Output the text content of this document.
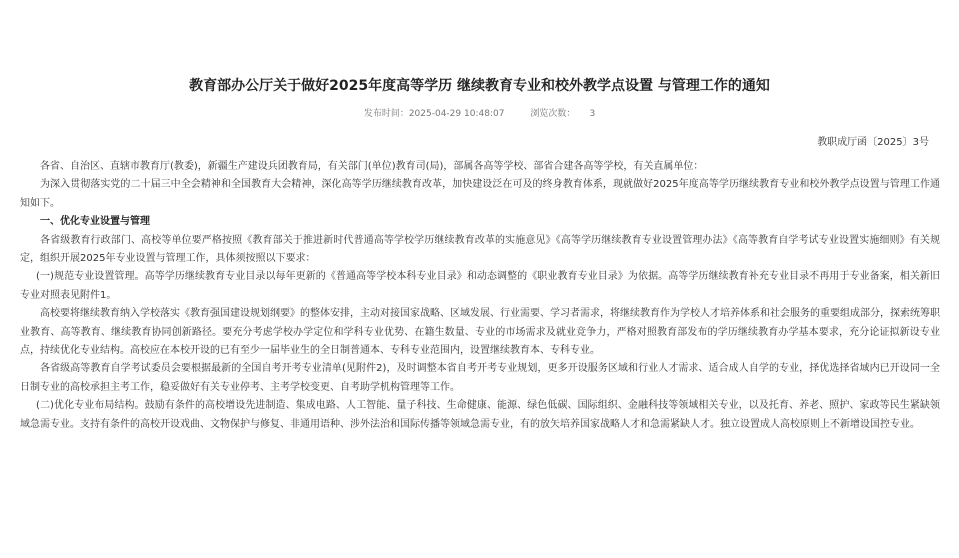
教育部办公厅关于做好2025年度高等学历 继续教育专业和校外教学点设置 与管理工作的通知
发布时间：2025-04-29 10:48:07	浏览次数： 3
教职成厅函〔2025〕3号

各省、自治区、直辖市教育厅(教委)，新疆生产建设兵团教育局，有关部门(单位)教育司(局)，部属各高等学校、部省合建各高等学校，有关直属单位：

为深入贯彻落实党的二十届三中全会精神和全国教育大会精神，深化高等学历继续教育改革，加快建设泛在可及的终身教育体系，现就做好2025年度高等学历继续教育专业和校外教学点设置与管理工作通知如下。

一、优化专业设置与管理

各省级教育行政部门、高校等单位要严格按照《教育部关于推进新时代普通高等学校学历继续教育改革的实施意见》《高等学历继续教育专业设置管理办法》《高等教育自学考试专业设置实施细则》有关规定，组织开展2025年专业设置与管理工作，具体须按照以下要求：

(一)规范专业设置管理。高等学历继续教育专业目录以每年更新的《普通高等学校本科专业目录》和动态调整的《职业教育专业目录》为依据。高等学历继续教育补充专业目录不再用于专业备案，相关新旧专业对照表见附件1。

高校要将继续教育纳入学校落实《教育强国建设规划纲要》的整体安排，主动对接国家战略、区域发展、行业需要、学习者需求，将继续教育作为学校人才培养体系和社会服务的重要组成部分，探索统筹职业教育、高等教育、继续教育协同创新路径。要充分考虑学校办学定位和学科专业优势、在籍生数量、专业的市场需求及就业竞争力，严格对照教育部发布的学历继续教育办学基本要求，充分论证拟新设专业点，持续优化专业结构。高校应在本校开设的已有至少一届毕业生的全日制普通本、专科专业范围内，设置继续教育本、专科专业。

各省级高等教育自学考试委员会要根据最新的全国自考开考专业清单(见附件2)，及时调整本省自考开考专业规划，更多开设服务区域和行业人才需求、适合成人自学的专业，择优选择省域内已开设同一全日制专业的高校承担主考工作，稳妥做好有关专业停考、主考学校变更、自考助学机构管理等工作。

(二)优化专业布局结构。鼓励有条件的高校增设先进制造、集成电路、人工智能、量子科技、生命健康、能源、绿色低碳、国际组织、金融科技等领域相关专业，以及托育、养老、照护、家政等民生紧缺领域急需专业。支持有条件的高校开设戏曲、文物保护与修复、非通用语种、涉外法治和国际传播等领域急需专业，有的放矢培养国家战略人才和急需紧缺人才。独立设置成人高校原则上不新增设国控专业。
